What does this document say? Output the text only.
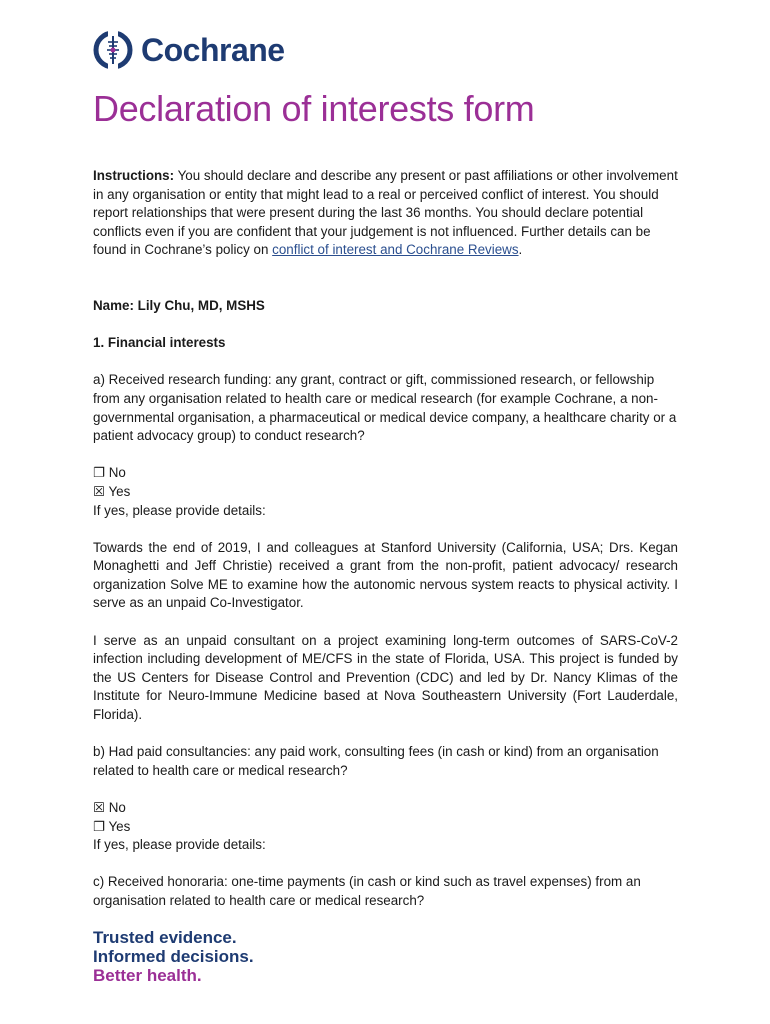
Cochrane
Declaration of interests form

Instructions: You should declare and describe any present or past affiliations or other involvement in any organisation or entity that might lead to a real or perceived conflict of interest. You should report relationships that were present during the last 36 months. You should declare potential conflicts even if you are confident that your judgement is not influenced. Further details can be found in Cochrane’s policy on conflict of interest and Cochrane Reviews.

Name: Lily Chu, MD, MSHS

1. Financial interests

a) Received research funding: any grant, contract or gift, commissioned research, or fellowship from any organisation related to health care or medical research (for example Cochrane, a non-governmental organisation, a pharmaceutical or medical device company, a healthcare charity or a patient advocacy group) to conduct research?

❐ No
☒ Yes

If yes, please provide details:

Towards the end of 2019, I and colleagues at Stanford University (California, USA; Drs. Kegan Monaghetti and Jeff Christie) received a grant from the non-profit, patient advocacy/ research organization Solve ME to examine how the autonomic nervous system reacts to physical activity. I serve as an unpaid Co-Investigator.

I serve as an unpaid consultant on a project examining long-term outcomes of SARS-CoV-2 infection including development of ME/CFS in the state of Florida, USA. This project is funded by the US Centers for Disease Control and Prevention (CDC) and led by Dr. Nancy Klimas of the Institute for Neuro-Immune Medicine based at Nova Southeastern University (Fort Lauderdale, Florida).

b) Had paid consultancies: any paid work, consulting fees (in cash or kind) from an organisation related to health care or medical research?

☒ No
❐ Yes

If yes, please provide details:

c) Received honoraria: one-time payments (in cash or kind such as travel expenses) from an organisation related to health care or medical research?

Trusted evidence.
Informed decisions.
Better health.
